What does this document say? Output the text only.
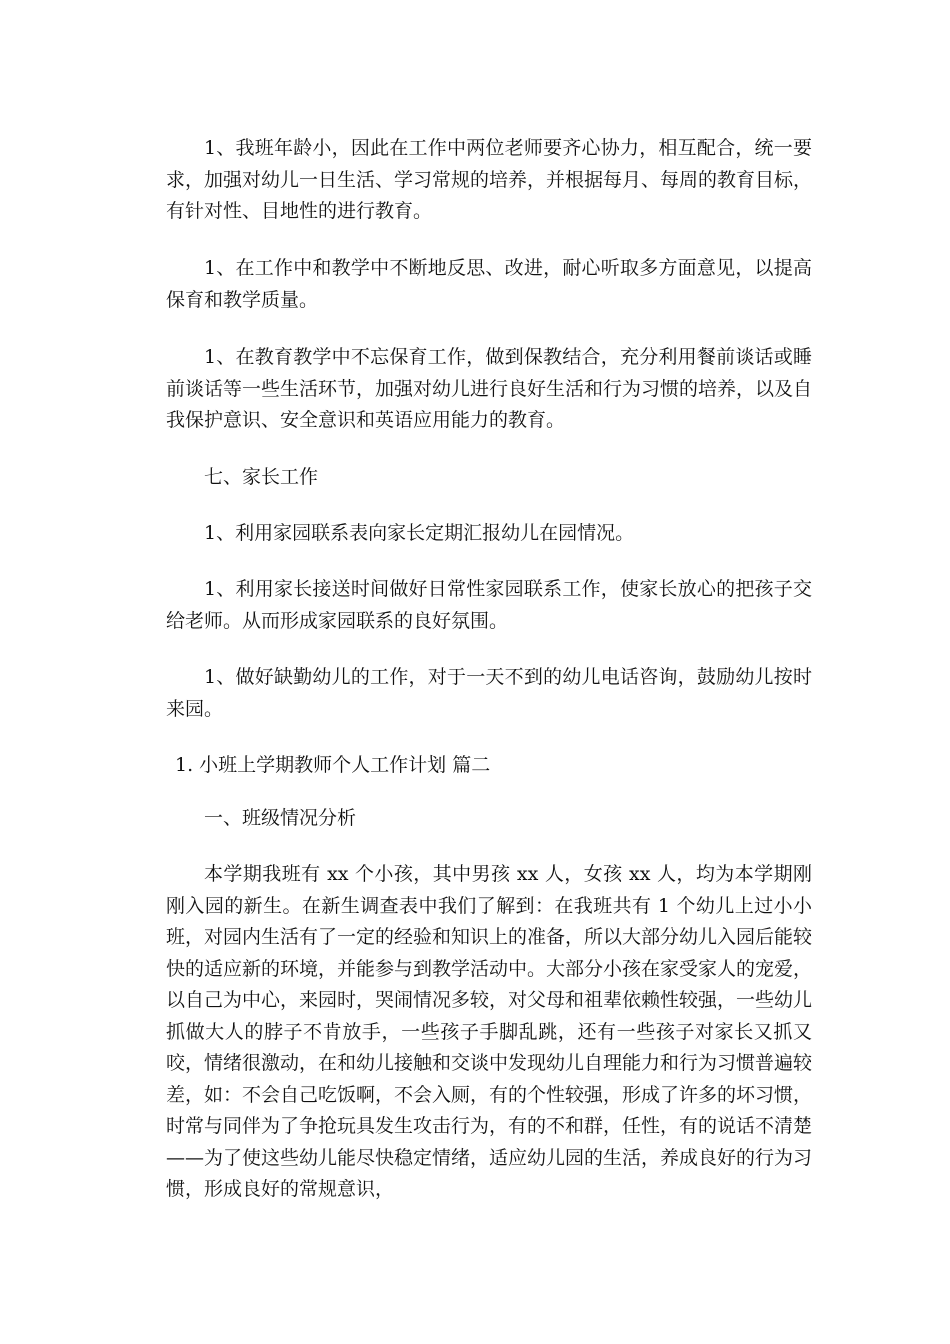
1、我班年龄小，因此在工作中两位老师要齐心协力，相互配合，统一要求，加强对幼儿一日生活、学习常规的培养，并根据每月、每周的教育目标，有针对性、目地性的进行教育。

1、在工作中和教学中不断地反思、改进，耐心听取多方面意见，以提高保育和教学质量。

1、在教育教学中不忘保育工作，做到保教结合，充分利用餐前谈话或睡前谈话等一些生活环节，加强对幼儿进行良好生活和行为习惯的培养，以及自我保护意识、安全意识和英语应用能力的教育。

七、家长工作

1、利用家园联系表向家长定期汇报幼儿在园情况。

1、利用家长接送时间做好日常性家园联系工作，使家长放心的把孩子交给老师。从而形成家园联系的良好氛围。

1、做好缺勤幼儿的工作，对于一天不到的幼儿电话咨询，鼓励幼儿按时来园。

1. 小班上学期教师个人工作计划 篇二

一、班级情况分析

本学期我班有 xx 个小孩，其中男孩 xx 人，女孩 xx 人，均为本学期刚刚入园的新生。在新生调查表中我们了解到：在我班共有 1 个幼儿上过小小班，对园内生活有了一定的经验和知识上的准备，所以大部分幼儿入园后能较快的适应新的环境，并能参与到教学活动中。大部分小孩在家受家人的宠爱，以自己为中心，来园时，哭闹情况多较，对父母和祖辈依赖性较强，一些幼儿抓做大人的脖子不肯放手，一些孩子手脚乱跳，还有一些孩子对家长又抓又咬，情绪很激动，在和幼儿接触和交谈中发现幼儿自理能力和行为习惯普遍较差，如：不会自己吃饭啊，不会入厕，有的个性较强，形成了许多的坏习惯，时常与同伴为了争抢玩具发生攻击行为，有的不和群，任性，有的说话不清楚——为了使这些幼儿能尽快稳定情绪，适应幼儿园的生活，养成良好的行为习惯，形成良好的常规意识，
